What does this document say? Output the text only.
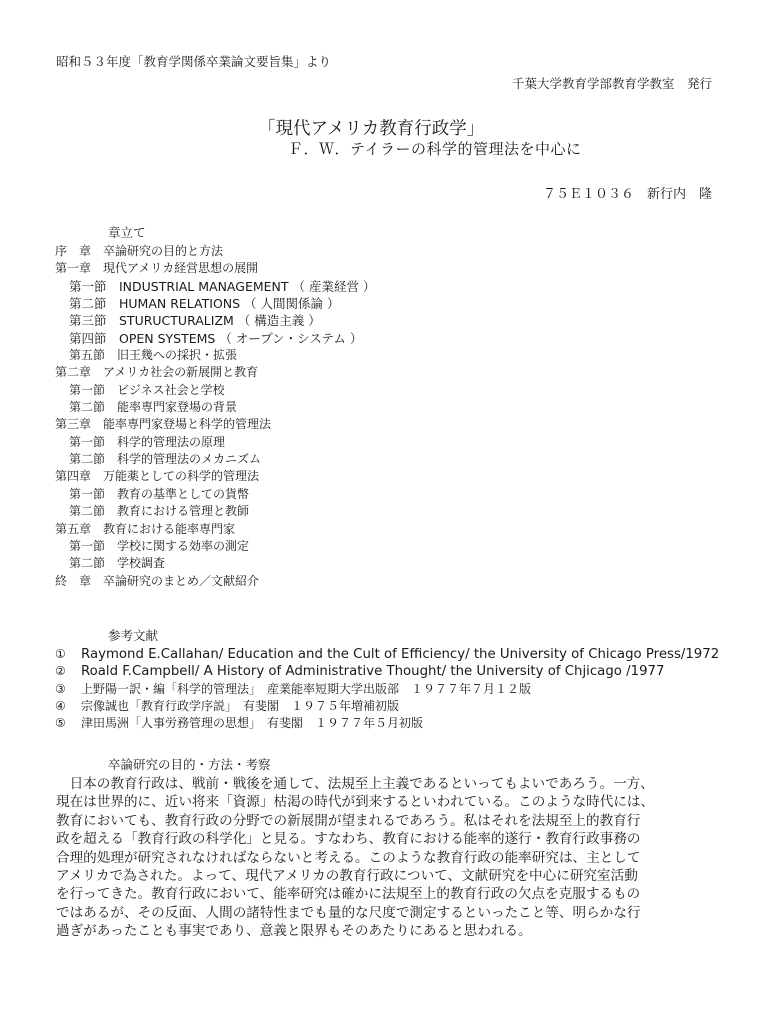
昭和５３年度「教育学関係卒業論文要旨集」より
千葉大学教育学部教育学教室　発行
「現代アメリカ教育行政学」
Ｆ．Ｗ．テイラーの科学的管理法を中心に
７５Ｅ１０３６　新行内　隆
章立て
序　章　卒論研究の目的と方法
第一章　現代アメリカ経営思想の展開
第一節　INDUSTRIAL MANAGEMENT （ 産業経営 ）
第二節　HUMAN RELATIONS （ 人間関係論 ）
第三節　STURUCTURALIZM （ 構造主義 ）
第四節　OPEN SYSTEMS （ オープン・システム ）
第五節　旧王幾への採択・拡張
第二章　アメリカ社会の新展開と教育
第一節　ビジネス社会と学校
第二節　能率専門家登場の背景
第三章　能率専門家登場と科学的管理法
第一節　科学的管理法の原理
第二節　科学的管理法のメカニズム
第四章　万能薬としての科学的管理法
第一節　教育の基準としての貨幣
第二節　教育における管理と教師
第五章　教育における能率専門家
第一節　学校に関する効率の測定
第二節　学校調査
終　章　卒論研究のまとめ／文献紹介
参考文献
① Raymond E.Callahan/ Education and the Cult of Efficiency/ the University of Chicago Press/1972
② Roald F.Campbell/ A History of Administrative Thought/ the University of Chjicago /1977
③ 上野陽一訳・編「科学的管理法」　産業能率短期大学出版部　１９７７年７月１２版
④ 宗像誠也「教育行政学序説」　有斐閣　１９７５年増補初版
⑤ 津田馬洲「人事労務管理の思想」　有斐閣　１９７７年５月初版
卒論研究の目的・方法・考察
　日本の教育行政は、戦前・戦後を通して、法規至上主義であるといってもよいであろう。一方、
現在は世界的に、近い将来「資源」枯渇の時代が到来するといわれている。このような時代には、
教育においても、教育行政の分野での新展開が望まれるであろう。私はそれを法規至上的教育行
政を超える「教育行政の科学化」と見る。すなわち、教育における能率的遂行・教育行政事務の
合理的処理が研究されなければならないと考える。このような教育行政の能率研究は、主として
アメリカで為された。よって、現代アメリカの教育行政について、文献研究を中心に研究室活動
を行ってきた。教育行政において、能率研究は確かに法規至上的教育行政の欠点を克服するもの
ではあるが、その反面、人間の諸特性までも量的な尺度で測定するといったこと等、明らかな行
過ぎがあったことも事実であり、意義と限界もそのあたりにあると思われる。
